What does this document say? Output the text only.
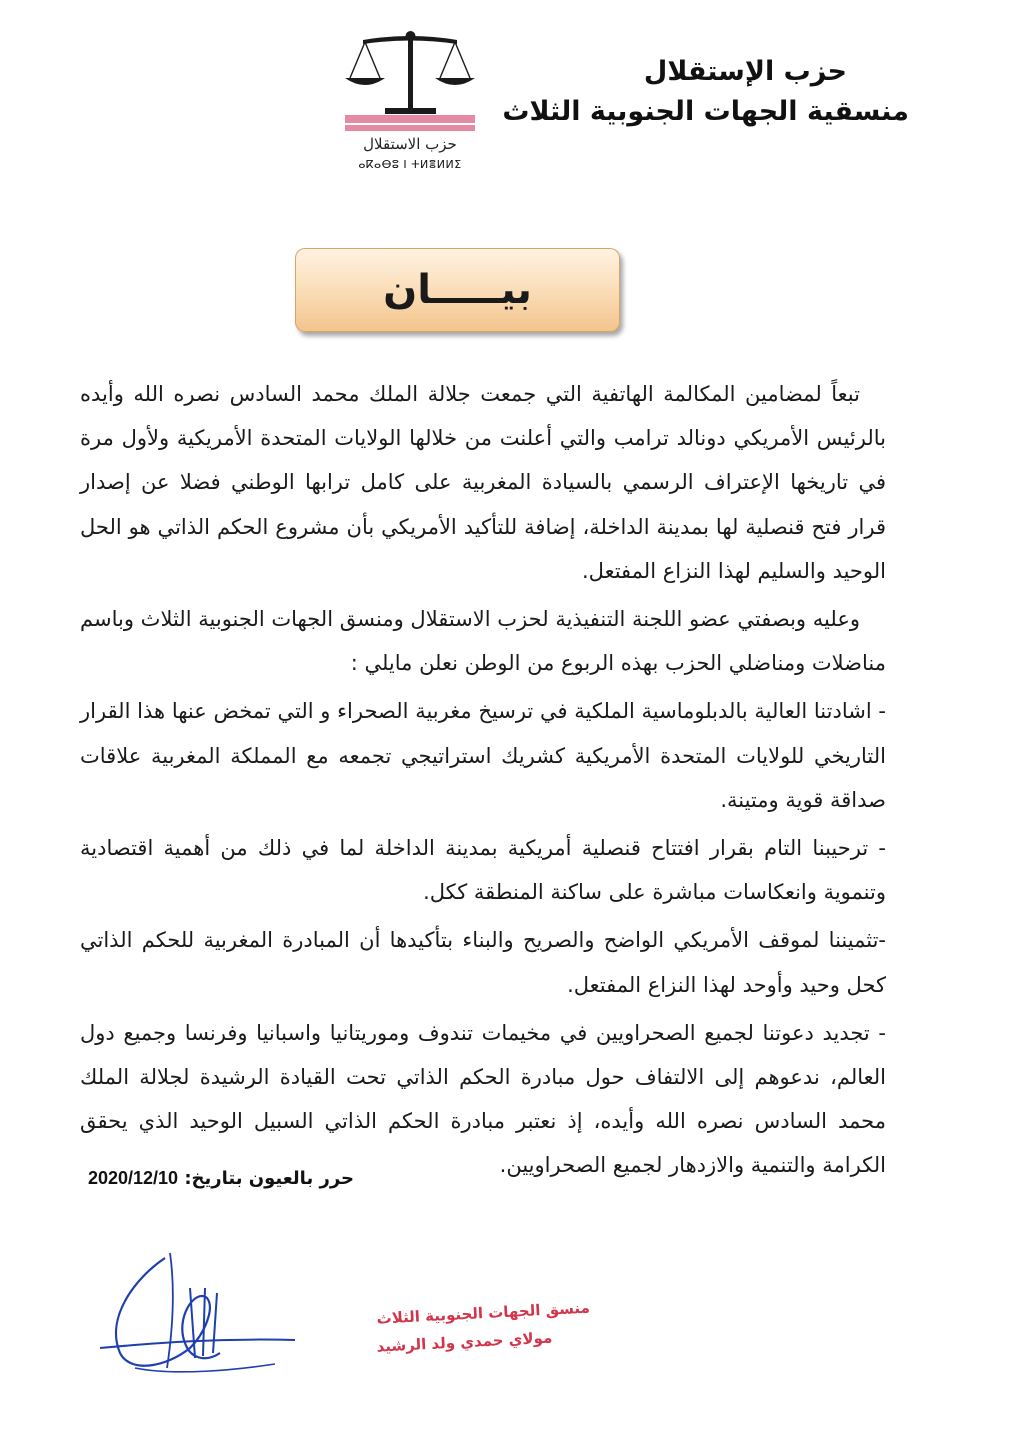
حزب الاستقلال
ⴰⴽⴰⴱⵓ ⵏ ⵜⵍⴻⵍⵍⵉ
حزب الإستقلال
منسقية الجهات الجنوبية الثلاث
بيـــــان

تبعاً لمضامين المكالمة الهاتفية التي جمعت جلالة الملك محمد السادس نصره الله وأيده بالرئيس الأمريكي دونالد ترامب والتي أعلنت من خلالها الولايات المتحدة الأمريكية ولأول مرة في تاريخها الإعتراف الرسمي بالسيادة المغربية على كامل ترابها الوطني فضلا عن إصدار قرار فتح قنصلية لها بمدينة الداخلة، إضافة للتأكيد الأمريكي بأن مشروع الحكم الذاتي هو الحل الوحيد والسليم لهذا النزاع المفتعل.

وعليه وبصفتي عضو اللجنة التنفيذية لحزب الاستقلال ومنسق الجهات الجنوبية الثلاث وباسم مناضلات ومناضلي الحزب بهذه الربوع من الوطن نعلن مايلي :

- اشادتنا العالية بالدبلوماسية الملكية في ترسيخ مغربية الصحراء و التي تمخض عنها هذا القرار التاريخي للولايات المتحدة الأمريكية كشريك استراتيجي تجمعه مع المملكة المغربية علاقات صداقة قوية ومتينة.

- ترحيبنا التام بقرار افتتاح قنصلية أمريكية بمدينة الداخلة لما في ذلك من أهمية اقتصادية وتنموية وانعكاسات مباشرة على ساكنة المنطقة ككل.

-تثميننا لموقف الأمريكي الواضح والصريح والبناء بتأكيدها أن المبادرة المغربية للحكم الذاتي كحل وحيد وأوحد لهذا النزاع المفتعل.

- تجديد دعوتنا لجميع الصحراويين في مخيمات تندوف وموريتانيا واسبانيا وفرنسا وجميع دول العالم، ندعوهم إلى الالتفاف حول مبادرة الحكم الذاتي تحت القيادة الرشيدة لجلالة الملك محمد السادس نصره الله وأيده، إذ نعتبر مبادرة الحكم الذاتي السبيل الوحيد الذي يحقق الكرامة والتنمية والازدهار لجميع الصحراويين.

حرر بالعيون بتاريخ: 2020/12/10
منسق الجهات الجنوبية الثلاث
مولاي حمدي ولد الرشيد
